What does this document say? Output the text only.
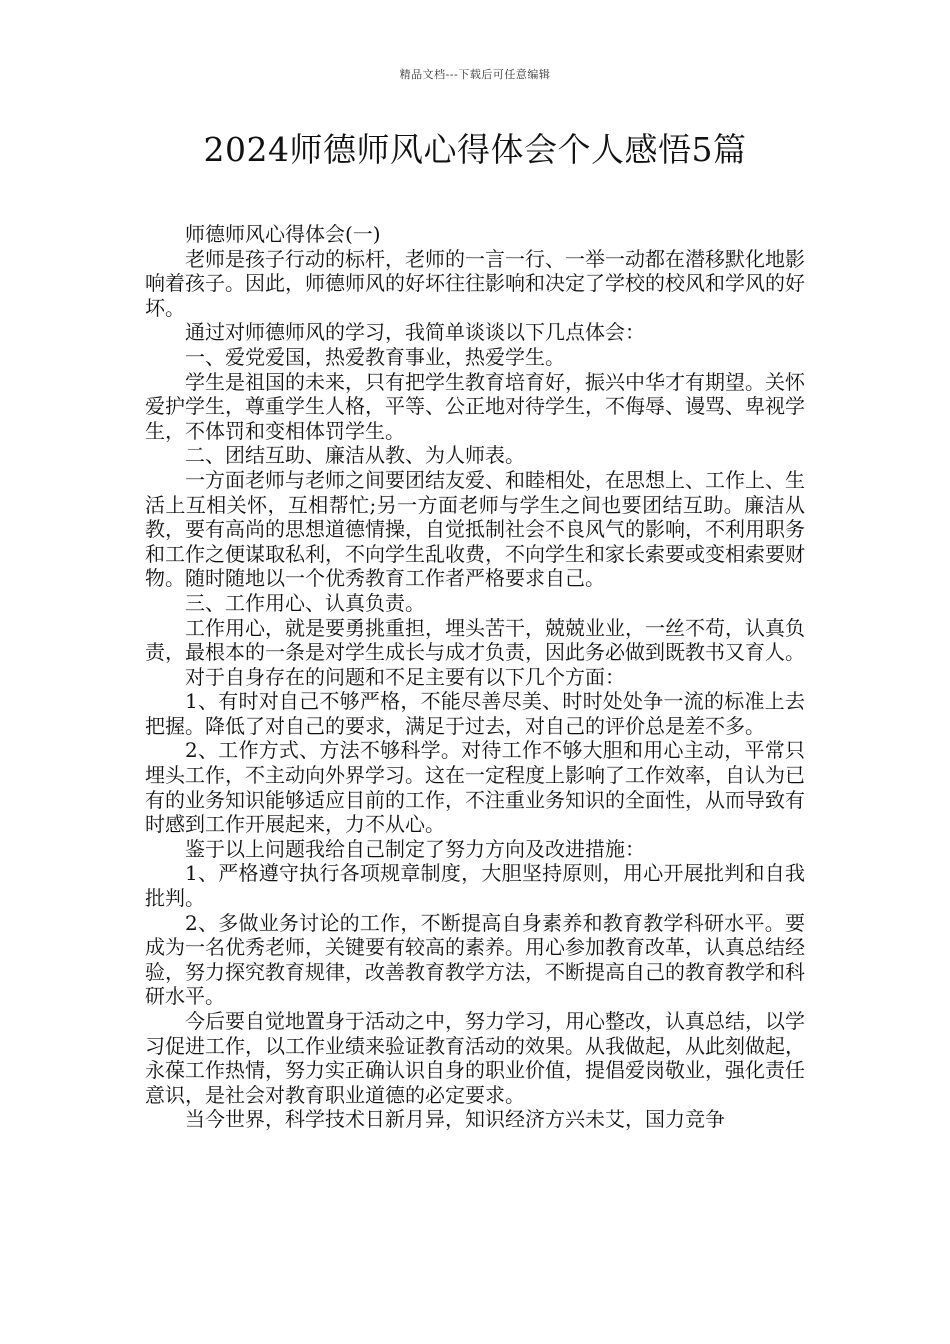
精品文档---下载后可任意编辑
2024师德师风心得体会个人感悟5篇

师德师风心得体会(一)

老师是孩子行动的标杆，老师的一言一行、一举一动都在潜移默化地影响着孩子。因此，师德师风的好坏往往影响和决定了学校的校风和学风的好坏。

通过对师德师风的学习，我简单谈谈以下几点体会：

一、爱党爱国，热爱教育事业，热爱学生。

学生是祖国的未来，只有把学生教育培育好，振兴中华才有期望。关怀爱护学生，尊重学生人格，平等、公正地对待学生，不侮辱、谩骂、卑视学生，不体罚和变相体罚学生。

二、团结互助、廉洁从教、为人师表。

一方面老师与老师之间要团结友爱、和睦相处，在思想上、工作上、生活上互相关怀，互相帮忙;另一方面老师与学生之间也要团结互助。廉洁从教，要有高尚的思想道德情操，自觉抵制社会不良风气的影响，不利用职务和工作之便谋取私利，不向学生乱收费，不向学生和家长索要或变相索要财物。随时随地以一个优秀教育工作者严格要求自己。

三、工作用心、认真负责。

工作用心，就是要勇挑重担，埋头苦干，兢兢业业，一丝不苟，认真负责，最根本的一条是对学生成长与成才负责，因此务必做到既教书又育人。

对于自身存在的问题和不足主要有以下几个方面：

1、有时对自己不够严格，不能尽善尽美、时时处处争一流的标准上去把握。降低了对自己的要求，满足于过去，对自己的评价总是差不多。

2、工作方式、方法不够科学。对待工作不够大胆和用心主动，平常只埋头工作，不主动向外界学习。这在一定程度上影响了工作效率，自认为已有的业务知识能够适应目前的工作，不注重业务知识的全面性，从而导致有时感到工作开展起来，力不从心。

鉴于以上问题我给自己制定了努力方向及改进措施：

1、严格遵守执行各项规章制度，大胆坚持原则，用心开展批判和自我批判。

2、多做业务讨论的工作，不断提高自身素养和教育教学科研水平。要成为一名优秀老师，关键要有较高的素养。用心参加教育改革，认真总结经验，努力探究教育规律，改善教育教学方法，不断提高自己的教育教学和科研水平。

今后要自觉地置身于活动之中，努力学习，用心整改，认真总结，以学习促进工作，以工作业绩来验证教育活动的效果。从我做起，从此刻做起，永葆工作热情，努力实正确认识自身的职业价值，提倡爱岗敬业，强化责任意识，是社会对教育职业道德的必定要求。

当今世界，科学技术日新月异，知识经济方兴未艾，国力竞争
